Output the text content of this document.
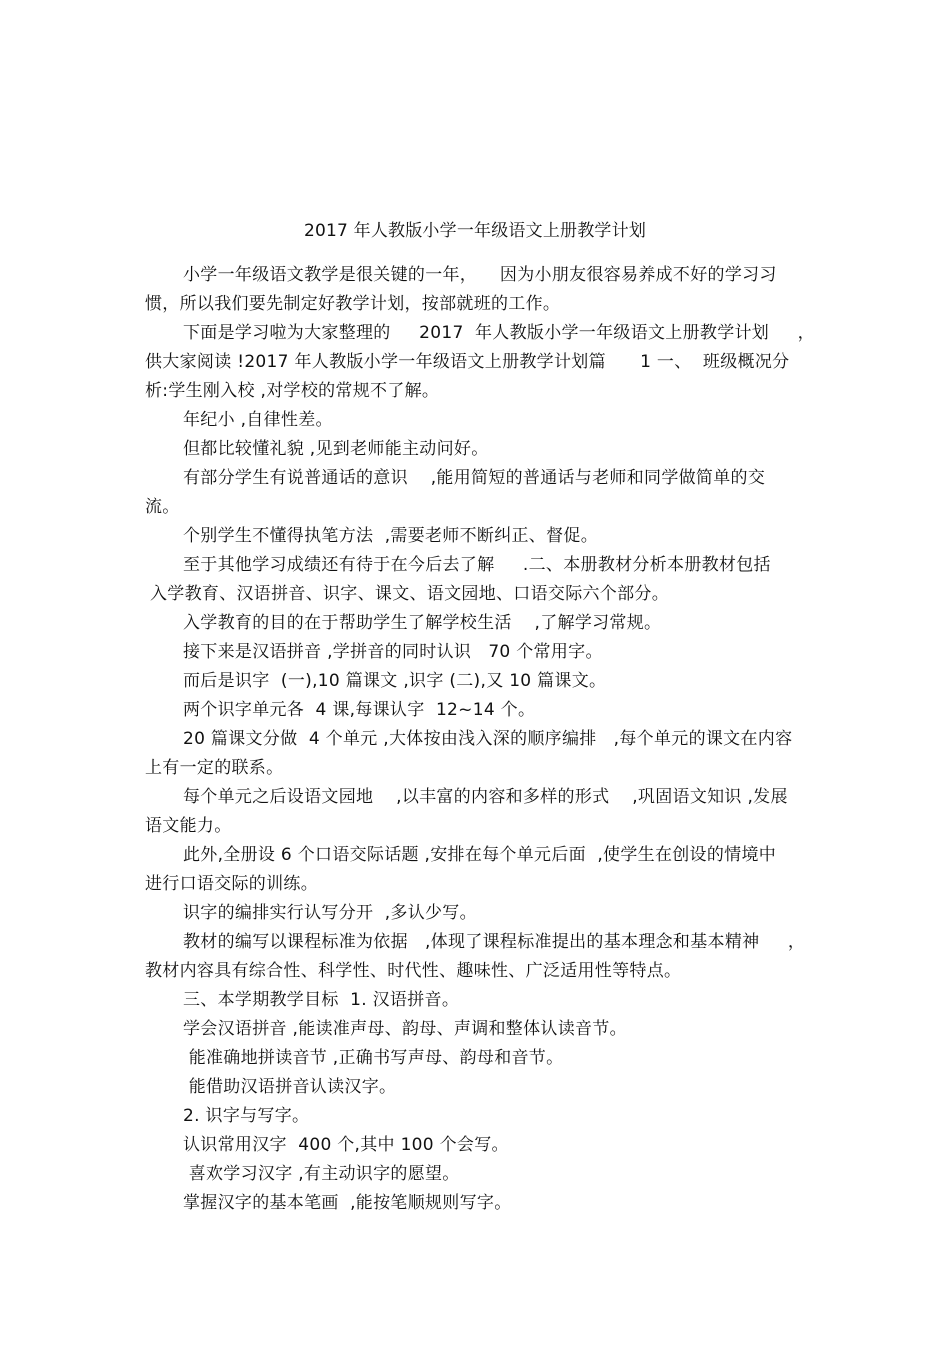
2017 年人教版小学一年级语文上册教学计划
小学一年级语文教学是很关键的一年，    因为小朋友很容易养成不好的学习习
惯，所以我们要先制定好教学计划，按部就班的工作。
下面是学习啦为大家整理的     2017  年人教版小学一年级语文上册教学计划     ，
供大家阅读 !2017 年人教版小学一年级语文上册教学计划篇      1 一、  班级概况分
析:学生刚入校 ,对学校的常规不了解。
年纪小 ,自律性差。
但都比较懂礼貌 ,见到老师能主动问好。
有部分学生有说普通话的意识    ,能用简短的普通话与老师和同学做简单的交
流。
个别学生不懂得执笔方法  ,需要老师不断纠正、督促。
至于其他学习成绩还有待于在今后去了解     .二、本册教材分析本册教材包括
入学教育、汉语拼音、识字、课文、语文园地、口语交际六个部分。
入学教育的目的在于帮助学生了解学校生活    ,了解学习常规。
接下来是汉语拼音 ,学拼音的同时认识   70 个常用字。
而后是识字  (一),10 篇课文 ,识字 (二),又 10 篇课文。
两个识字单元各  4 课,每课认字  12~14 个。
20 篇课文分做  4 个单元 ,大体按由浅入深的顺序编排   ,每个单元的课文在内容
上有一定的联系。
每个单元之后设语文园地    ,以丰富的内容和多样的形式    ,巩固语文知识 ,发展
语文能力。
此外,全册设 6 个口语交际话题 ,安排在每个单元后面  ,使学生在创设的情境中
进行口语交际的训练。
识字的编排实行认写分开  ,多认少写。
教材的编写以课程标准为依据   ,体现了课程标准提出的基本理念和基本精神     ，
教材内容具有综合性、科学性、时代性、趣味性、广泛适用性等特点。
三、本学期教学目标  1. 汉语拼音。
学会汉语拼音 ,能读准声母、韵母、声调和整体认读音节。
能准确地拼读音节 ,正确书写声母、韵母和音节。
能借助汉语拼音认读汉字。
2. 识字与写字。
认识常用汉字  400 个,其中 100 个会写。
喜欢学习汉字 ,有主动识字的愿望。
掌握汉字的基本笔画  ,能按笔顺规则写字。
